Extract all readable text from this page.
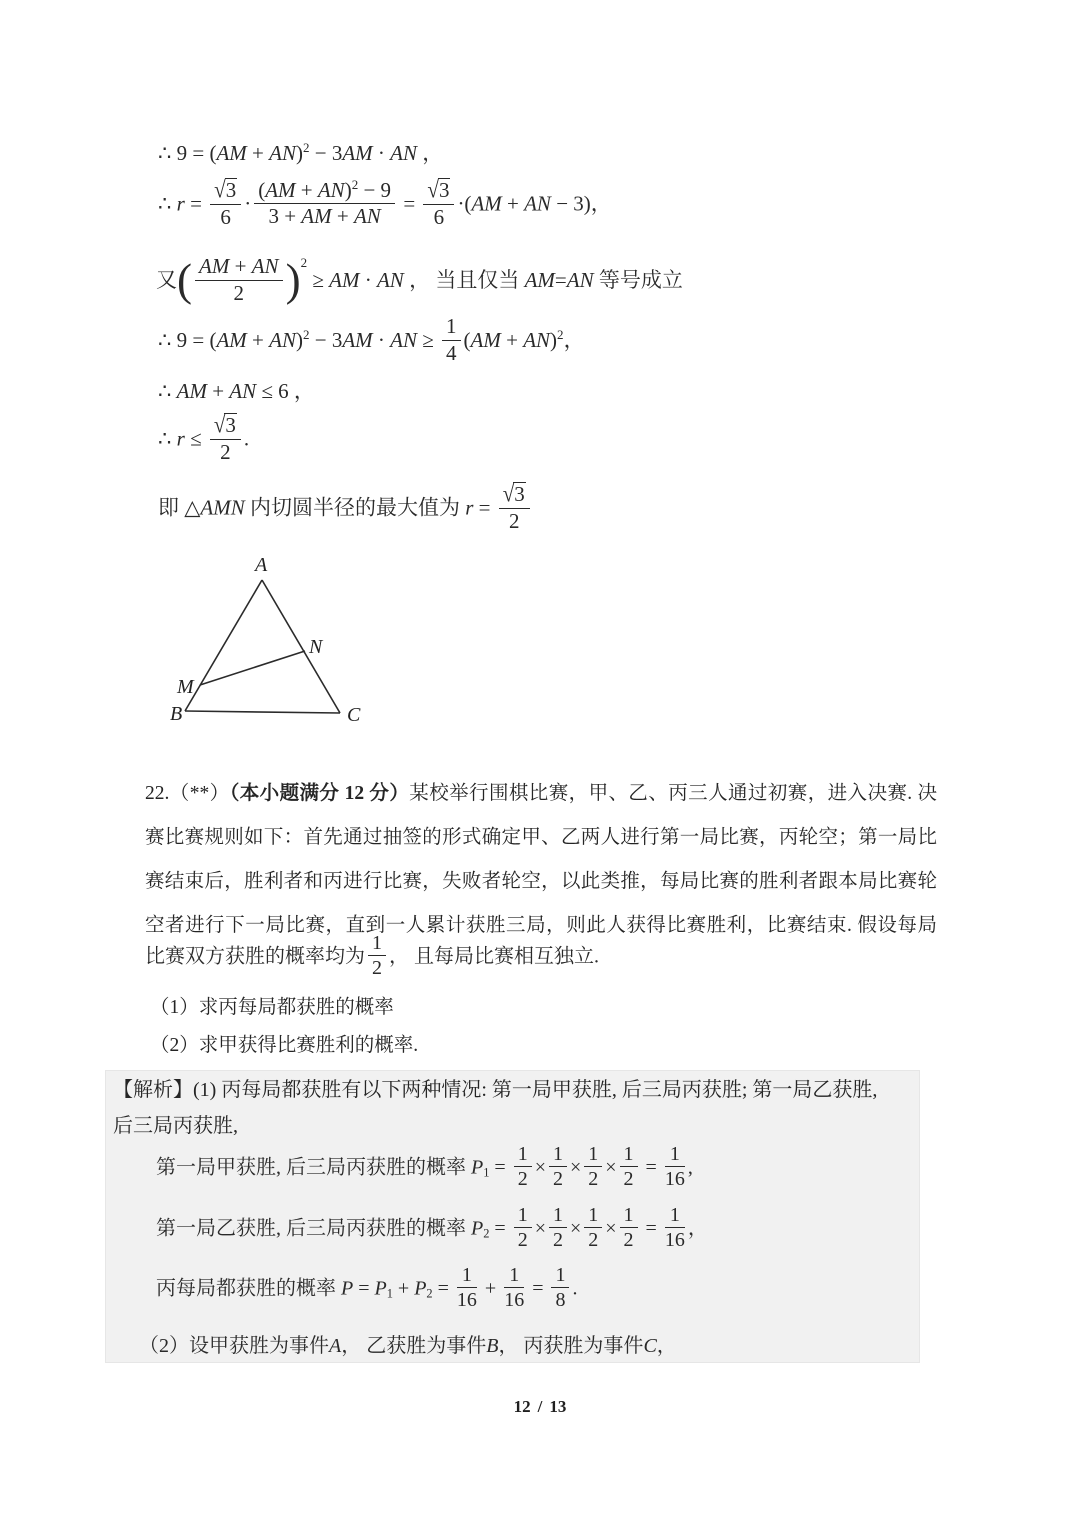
∴ 9 = (AM + AN)$^2$ − 3AM · AN ，
∴ $r = \frac{√3}{6} \cdot \frac{(AM + AN)^2 - 9}{3 + AM + AN} = \frac{√3}{6} \cdot(AM$ + AN − 3)，
又( $\frac{AM + AN}{2} )^2$ ≥ AM · AN ， 当且仅当 AM=AN 等号成立
∴ 9 = (AM + AN)$^2$ − 3AM · AN ≥ $\frac{1}{4} (AM + AN)^2$，
∴ AM + AN ≤ 6 ，
∴ $r \le \frac{√3}{2}$ .
即 △AMN 内切圆半径的最大值为 $r = \frac{√3}{2}$
A
B	C
M
N
22.（**）（本小题满分 12 分）某校举行围棋比赛，甲、乙、丙三人通过初赛，进入决赛. 决
赛比赛规则如下：首先通过抽签的形式确定甲、乙两人进行第一局比赛，丙轮空；第一局比
赛结束后，胜利者和丙进行比赛，失败者轮空，以此类推，每局比赛的胜利者跟本局比赛轮
空者进行下一局比赛，直到一人累计获胜三局，则此人获得比赛胜利，比赛结束. 假设每局
比赛双方获胜的概率均为 $\frac{1}{2}$ ， 且每局比赛相互独立.
（1）求丙每局都获胜的概率
（2）求甲获得比赛胜利的概率.
【解析】(1) 丙每局都获胜有以下两种情况: 第一局甲获胜, 后三局丙获胜; 第一局乙获胜,
后三局丙获胜,
第一局甲获胜, 后三局丙获胜的概率 $P1 = \frac{1}{2} \times \frac{1}{2} \times \frac{1}{2} \times \frac{1}{2} = \frac{1}{16}$ ,
第一局乙获胜, 后三局丙获胜的概率 $P2 = \frac{1}{2} \times \frac{1}{2} \times \frac{1}{2} \times \frac{1}{2} = \frac{1}{16}$ ，
丙每局都获胜的概率 $P = P1 + P2 = \frac{1}{16} + \frac{1}{16} = \frac{1}{8}$ .
（2）设甲获胜为事件A， 乙获胜为事件B， 丙获胜为事件C，
12 / 13
